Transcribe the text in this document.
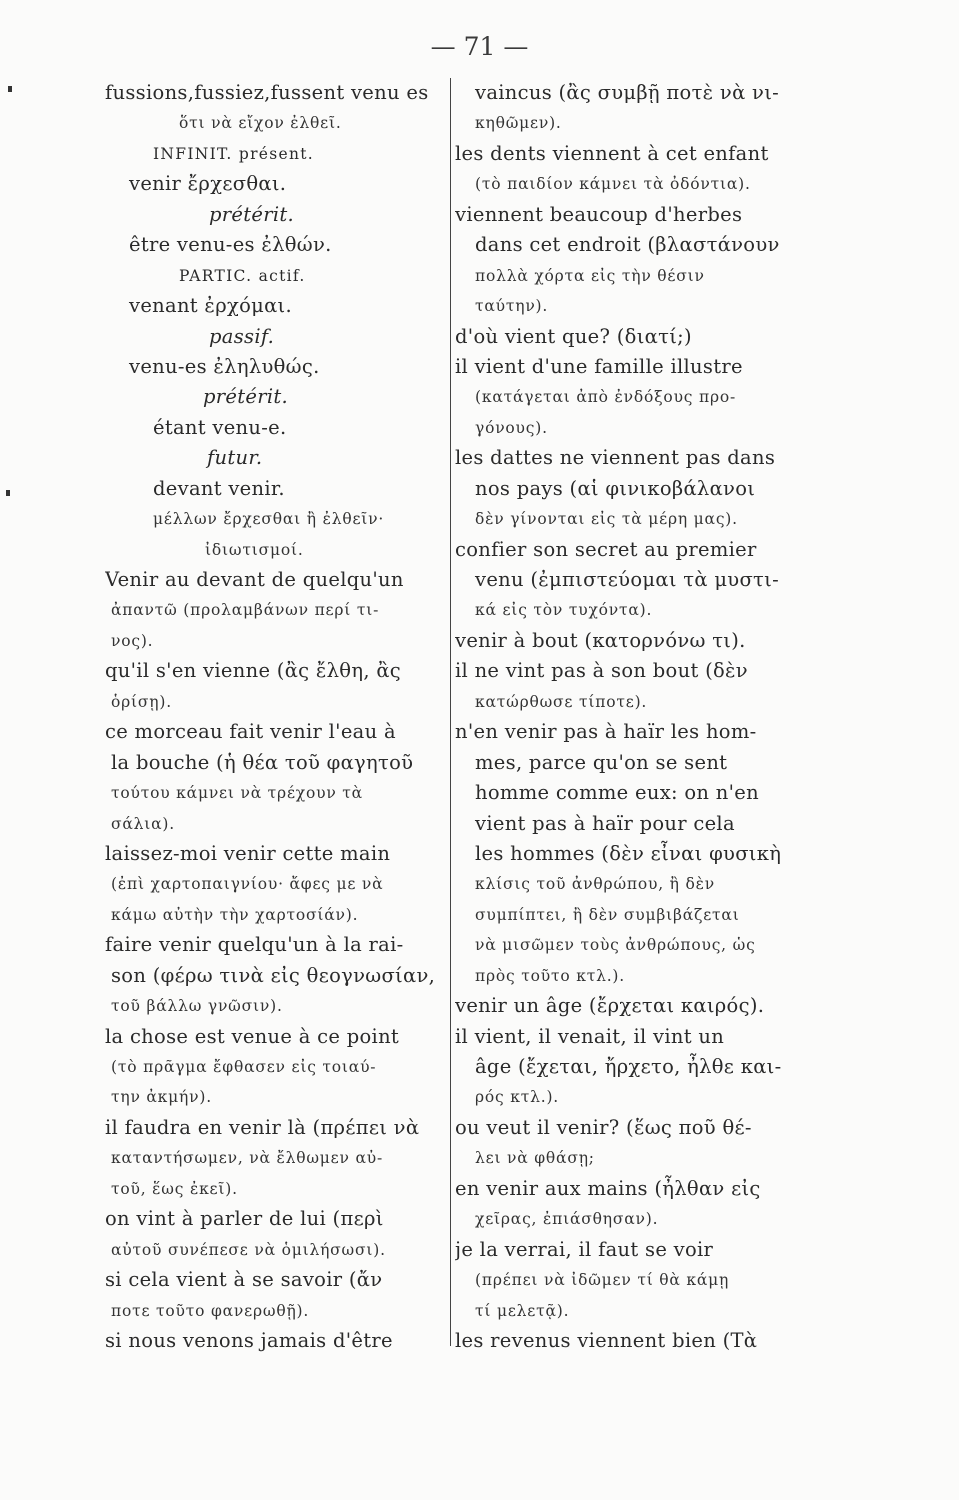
— 71 —
fussions,fussiez,fussent venu es
ὅτι νὰ εἴχον ἐλθεῖ.
INFINIT. présent.
venir ἔρχεσθαι.
prétérit.
être venu-es ἐλθών.
PARTIC. actif.
venant ἐρχόμαι.
passif.
venu-es ἐληλυθώς.
prétérit.
étant venu-e.
futur.
devant venir.
μέλλων ἔρχεσθαι ἢ ἐλθεῖν·
ἰδιωτισμοί.
Venir au devant de quelqu'un
ἀπαντῶ (προλαμβάνων περί τι-
νος).
qu'il s'en vienne (ἂς ἔλθη, ἂς
ὁρίσῃ).
ce morceau fait venir l'eau à
la bouche (ἡ θέα τοῦ φαγητοῦ
τούτου κάμνει νὰ τρέχουν τὰ
σάλια).
laissez-moi venir cette main
(ἐπὶ χαρτοπαιγνίου· ἄφες με νὰ
κάμω αὐτὴν τὴν χαρτοσίάν).
faire venir quelqu'un à la rai-
son (φέρω τινὰ εἰς θεογνωσίαν,
τοῦ βάλλω γνῶσιν).
la chose est venue à ce point
(τὸ πρᾶγμα ἔφθασεν εἰς τοιαύ-
την ἀκμήν).
il faudra en venir là (πρέπει νὰ
καταντήσωμεν, νὰ ἔλθωμεν αὐ-
τοῦ, ἕως ἐκεῖ).
on vint à parler de lui (περὶ
αὐτοῦ συνέπεσε νὰ ὁμιλήσωσι).
si cela vient à se savoir (ἄν
ποτε τοῦτο φανερωθῇ).
si nous venons jamais d'être
vaincus (ἂς συμβῇ ποτὲ νὰ νι-
κηθῶμεν).
les dents viennent à cet enfant
(τὸ παιδίον κάμνει τὰ ὀδόντια).
viennent beaucoup d'herbes
dans cet endroit (βλαστάνουν
πολλὰ χόρτα εἰς τὴν θέσιν
ταύτην).
d'où vient que? (διατί;)
il vient d'une famille illustre
(κατάγεται ἀπὸ ἐνδόξους προ-
γόνους).
les dattes ne viennent pas dans
nos pays (αἱ φινικοβάλανοι
δὲν γίνονται εἰς τὰ μέρη μας).
confier son secret au premier
venu (ἐμπιστεύομαι τὰ μυστι-
κά εἰς τὸν τυχόντα).
venir à bout (κατορνόνω τι).
il ne vint pas à son bout (δὲν
κατώρθωσε τίποτε).
n'en venir pas à haïr les hom-
mes, parce qu'on se sent
homme comme eux: on n'en
vient pas à haïr pour cela
les hommes (δὲν εἶναι φυσικὴ
κλίσις τοῦ ἀνθρώπου, ἢ δὲν
συμπίπτει, ἢ δὲν συμβιβάζεται
νὰ μισῶμεν τοὺς ἀνθρώπους, ὡς
πρὸς τοῦτο κτλ.).
venir un âge (ἔρχεται καιρός).
il vient, il venait, il vint un
âge (ἔχεται, ἤρχετο, ἦλθε και-
ρός κτλ.).
ou veut il venir? (ἕως ποῦ θέ-
λει νὰ φθάσῃ;
en venir aux mains (ἦλθαν εἰς
χεῖρας, ἐπιάσθησαν).
je la verrai, il faut se voir
(πρέπει νὰ ἰδῶμεν τί θὰ κάμῃ
τί μελετᾷ).
les revenus viennent bien (Τὰ
